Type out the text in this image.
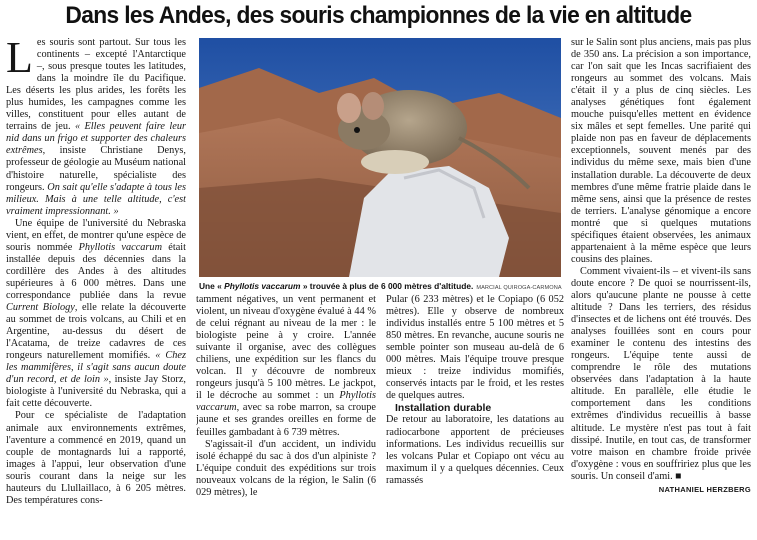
Dans les Andes, des souris championnes de la vie en altitude

Les souris sont partout. Sur tous les continents – excepté l'Antarctique –, sous presque toutes les latitudes, dans la moindre île du Pacifique. Les déserts les plus arides, les forêts les plus humides, les campagnes comme les villes, constituent pour elles autant de terrains de jeu. « Elles peuvent faire leur nid dans un frigo et supporter des chaleurs extrêmes, insiste Christiane Denys, professeur de géologie au Muséum national d'histoire naturelle, spécialiste des rongeurs. On sait qu'elle s'adapte à tous les milieux. Mais à une telle altitude, c'est vraiment impressionnant. »

Une équipe de l'université du Nebraska vient, en effet, de montrer qu'une espèce de souris nommée Phyllotis vaccarum était installée depuis des décennies dans la cordillère des Andes à des altitudes supérieures à 6 000 mètres. Dans une correspondance publiée dans la revue Current Biology, elle relate la découverte au sommet de trois volcans, au Chili et en Argentine, au-dessus du désert de l'Acatama, de treize cadavres de ces rongeurs naturellement momifiés. « Chez les mammifères, il s'agit sans aucun doute d'un record, et de loin », insiste Jay Storz, biologiste à l'université du Nebraska, qui a fait cette découverte.

Pour ce spécialiste de l'adaptation animale aux environnements extrêmes, l'aventure a commencé en 2019, quand un couple de montagnards lui a rapporté, images à l'appui, leur observation d'une souris courant dans la neige sur les hauteurs du Llullaillaco, à 6 205 mètres. Des températures cons-

tamment négatives, un vent permanent et violent, un niveau d'oxygène évalué à 44 % de celui régnant au niveau de la mer : le biologiste peine à y croire. L'année suivante il organise, avec des collègues chiliens, une expédition sur les flancs du volcan. Il y découvre de nombreux rongeurs jusqu'à 5 100 mètres. Le jackpot, il le décroche au sommet : un Phyllotis vaccarum, avec sa robe marron, sa croupe jaune et ses grandes oreilles en forme de feuilles gambadant à 6 739 mètres.

S'agissait-il d'un accident, un individu isolé échappé du sac à dos d'un alpiniste ? L'équipe conduit des expéditions sur trois nouveaux volcans de la région, le Salin (6 029 mètres), le

Pular (6 233 mètres) et le Copiapo (6 052 mètres). Elle y observe de nombreux individus installés entre 5 100 mètres et 5 850 mètres. En revanche, aucune souris ne semble pointer son museau au-delà de 6 000 mètres. Mais l'équipe trouve presque mieux : treize individus momifiés, conservés intacts par le froid, et les restes de quelques autres.

Installation durable

De retour au laboratoire, les datations au radiocarbone apportent de précieuses informations. Les individus recueillis sur les volcans Pular et Copiapo ont vécu au maximum il y a quelques décennies. Ceux ramassés

sur le Salin sont plus anciens, mais pas plus de 350 ans. La précision a son importance, car l'on sait que les Incas sacrifiaient des rongeurs au sommet des volcans. Mais c'était il y a plus de cinq siècles. Les analyses génétiques font également mouche puisqu'elles mettent en évidence six mâles et sept femelles. Une parité qui plaide non pas en faveur de déplacements exceptionnels, souvent menés par des individus du même sexe, mais bien d'une installation durable. La découverte de deux membres d'une même fratrie plaide dans le même sens, ainsi que la présence de restes de terriers. L'analyse génomique a encore montré que si quelques mutations spécifiques étaient observées, les animaux appartenaient à la même espèce que leurs cousins des plaines.

Comment vivaient-ils – et vivent-ils sans doute encore ? De quoi se nourrissent-ils, alors qu'aucune plante ne pousse à cette altitude ? Dans les terriers, des résidus d'insectes et de lichens ont été trouvés. Des analyses fouillées sont en cours pour examiner le contenu des intestins des rongeurs. L'équipe tente aussi de comprendre le rôle des mutations observées dans l'adaptation à la haute altitude. En parallèle, elle étudie le comportement dans les conditions extrêmes d'individus recueillis à basse altitude. Le mystère n'est pas tout à fait dissipé. Inutile, en tout cas, de transformer votre maison en chambre froide privée d'oxygène : vous en souffririez plus que les souris. Un conseil d'ami. ■

NATHANIEL HERZBERG

Une « Phyllotis vaccarum » trouvée à plus de 6 000 mètres d'altitude. MARCIAL QUIROGA-CARMONA
